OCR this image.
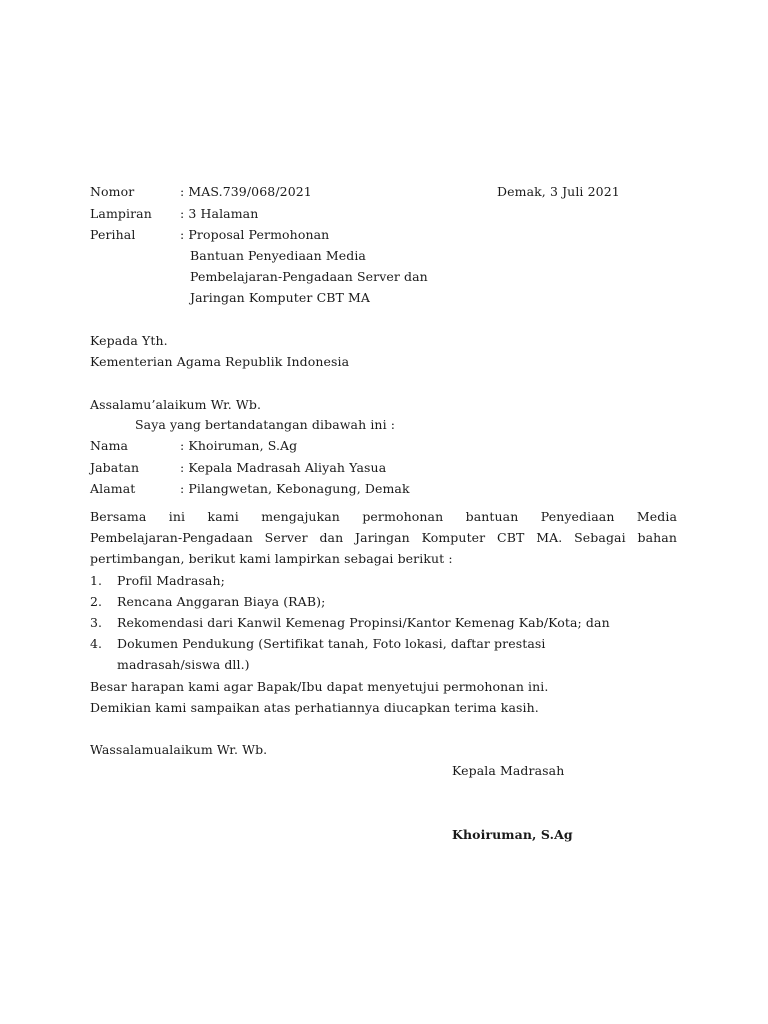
Nomor	: MAS.739/068/2021	Demak, 3 Juli 2021
Lampiran : 3 Halaman
Perihal	: Proposal Permohonan
Bantuan Penyediaan Media
Pembelajaran-Pengadaan Server dan
Jaringan Komputer CBT MA
Kepada Yth.
Kementerian Agama Republik Indonesia
Assalamu’alaikum Wr. Wb.
Saya yang bertandatangan dibawah ini :
Nama	: Khoiruman, S.Ag
Jabatan	: Kepala Madrasah Aliyah Yasua
Alamat	: Pilangwetan, Kebonagung, Demak
Bersama ini kami mengajukan permohonan bantuan Penyediaan Media
Pembelajaran-Pengadaan Server dan Jaringan Komputer CBT MA. Sebagai bahan
pertimbangan, berikut kami lampirkan sebagai berikut :
1. Profil Madrasah;
2. Rencana Anggaran Biaya (RAB);
3. Rekomendasi dari Kanwil Kemenag Propinsi/Kantor Kemenag Kab/Kota; dan
4. Dokumen Pendukung (Sertifikat tanah, Foto lokasi, daftar prestasi
madrasah/siswa dll.)
Besar harapan kami agar Bapak/Ibu dapat menyetujui permohonan ini.
Demikian kami sampaikan atas perhatiannya diucapkan terima kasih.
Wassalamualaikum Wr. Wb.
Kepala Madrasah
Khoiruman, S.Ag
